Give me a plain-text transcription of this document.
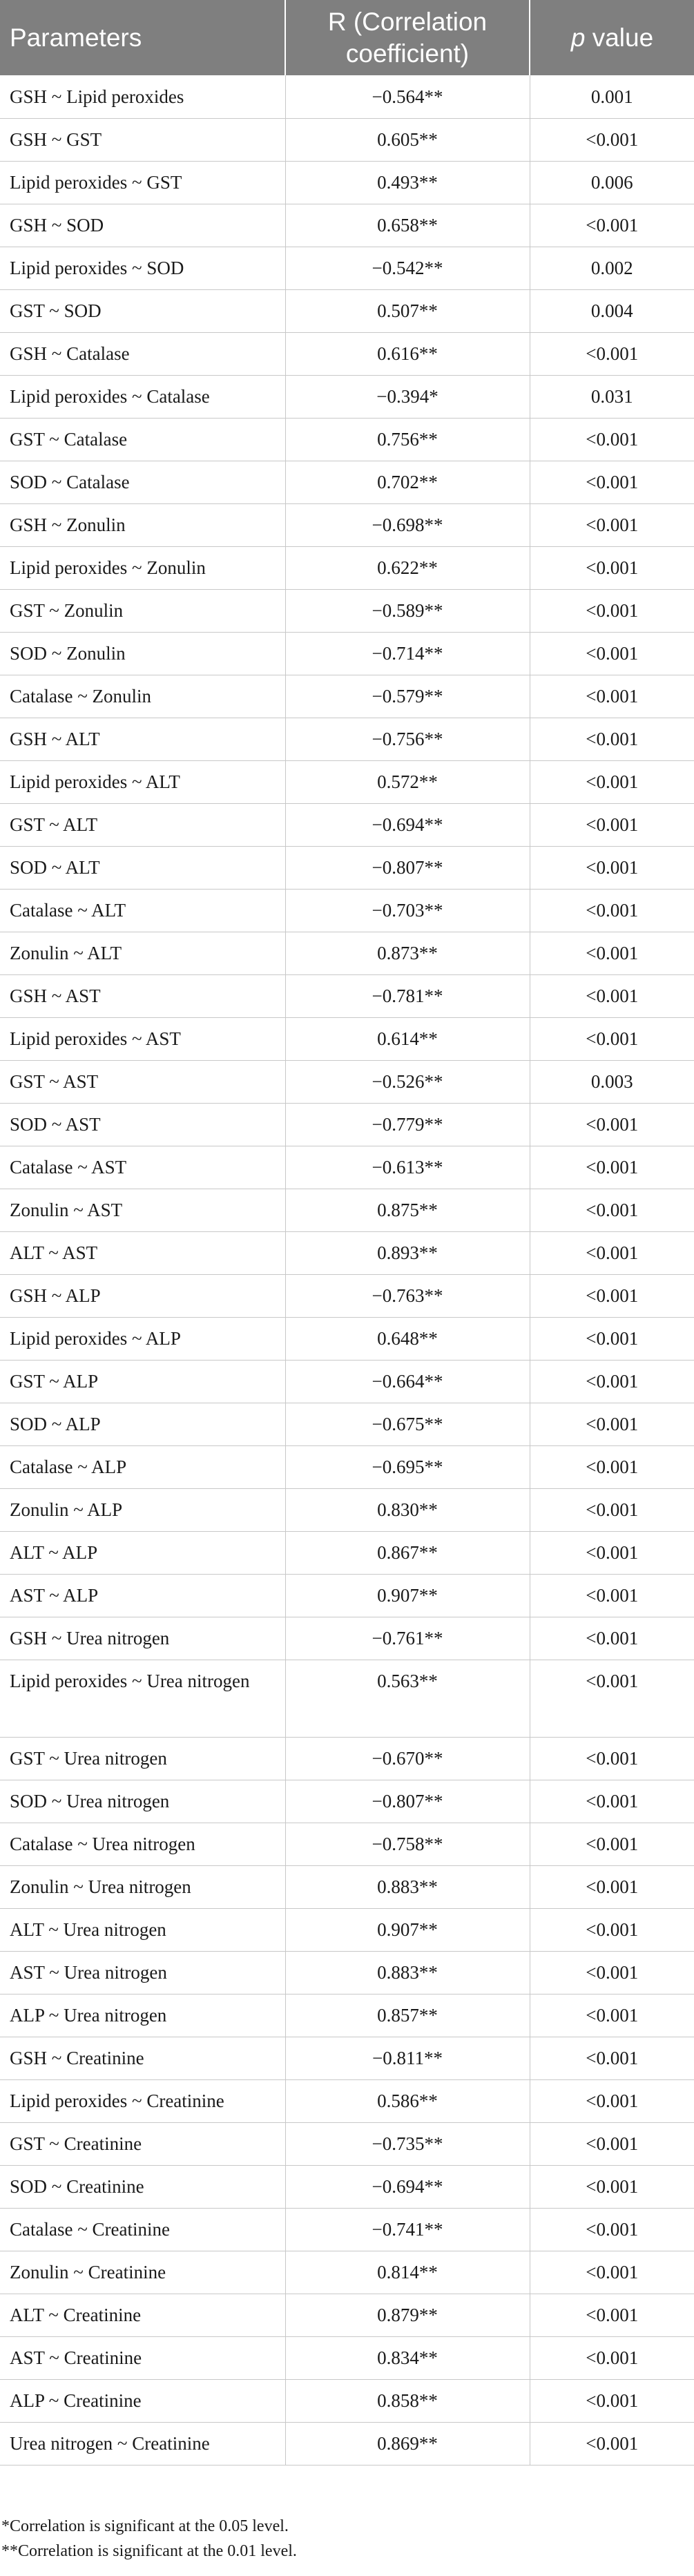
Parameters	R (Correlation coefficient)	p value
GSH ~ Lipid peroxides	−0.564**	0.001
GSH ~ GST	0.605**	<0.001
Lipid peroxides ~ GST	0.493**	0.006
GSH ~ SOD	0.658**	<0.001
Lipid peroxides ~ SOD	−0.542**	0.002
GST ~ SOD	0.507**	0.004
GSH ~ Catalase	0.616**	<0.001
Lipid peroxides ~ Catalase	−0.394*	0.031
GST ~ Catalase	0.756**	<0.001
SOD ~ Catalase	0.702**	<0.001
GSH ~ Zonulin	−0.698**	<0.001
Lipid peroxides ~ Zonulin	0.622**	<0.001
GST ~ Zonulin	−0.589**	<0.001
SOD ~ Zonulin	−0.714**	<0.001
Catalase ~ Zonulin	−0.579**	<0.001
GSH ~ ALT	−0.756**	<0.001
Lipid peroxides ~ ALT	0.572**	<0.001
GST ~ ALT	−0.694**	<0.001
SOD ~ ALT	−0.807**	<0.001
Catalase ~ ALT	−0.703**	<0.001
Zonulin ~ ALT	0.873**	<0.001
GSH ~ AST	−0.781**	<0.001
Lipid peroxides ~ AST	0.614**	<0.001
GST ~ AST	−0.526**	0.003
SOD ~ AST	−0.779**	<0.001
Catalase ~ AST	−0.613**	<0.001
Zonulin ~ AST	0.875**	<0.001
ALT ~ AST	0.893**	<0.001
GSH ~ ALP	−0.763**	<0.001
Lipid peroxides ~ ALP	0.648**	<0.001
GST ~ ALP	−0.664**	<0.001
SOD ~ ALP	−0.675**	<0.001
Catalase ~ ALP	−0.695**	<0.001
Zonulin ~ ALP	0.830**	<0.001
ALT ~ ALP	0.867**	<0.001
AST ~ ALP	0.907**	<0.001
GSH ~ Urea nitrogen	−0.761**	<0.001
Lipid peroxides ~ Urea nitrogen	0.563**	<0.001
GST ~ Urea nitrogen	−0.670**	<0.001
SOD ~ Urea nitrogen	−0.807**	<0.001
Catalase ~ Urea nitrogen	−0.758**	<0.001
Zonulin ~ Urea nitrogen	0.883**	<0.001
ALT ~ Urea nitrogen	0.907**	<0.001
AST ~ Urea nitrogen	0.883**	<0.001
ALP ~ Urea nitrogen	0.857**	<0.001
GSH ~ Creatinine	−0.811**	<0.001
Lipid peroxides ~ Creatinine	0.586**	<0.001
GST ~ Creatinine	−0.735**	<0.001
SOD ~ Creatinine	−0.694**	<0.001
Catalase ~ Creatinine	−0.741**	<0.001
Zonulin ~ Creatinine	0.814**	<0.001
ALT ~ Creatinine	0.879**	<0.001
AST ~ Creatinine	0.834**	<0.001
ALP ~ Creatinine	0.858**	<0.001
Urea nitrogen ~ Creatinine	0.869**	<0.001
*Correlation is significant at the 0.05 level.
**Correlation is significant at the 0.01 level.
